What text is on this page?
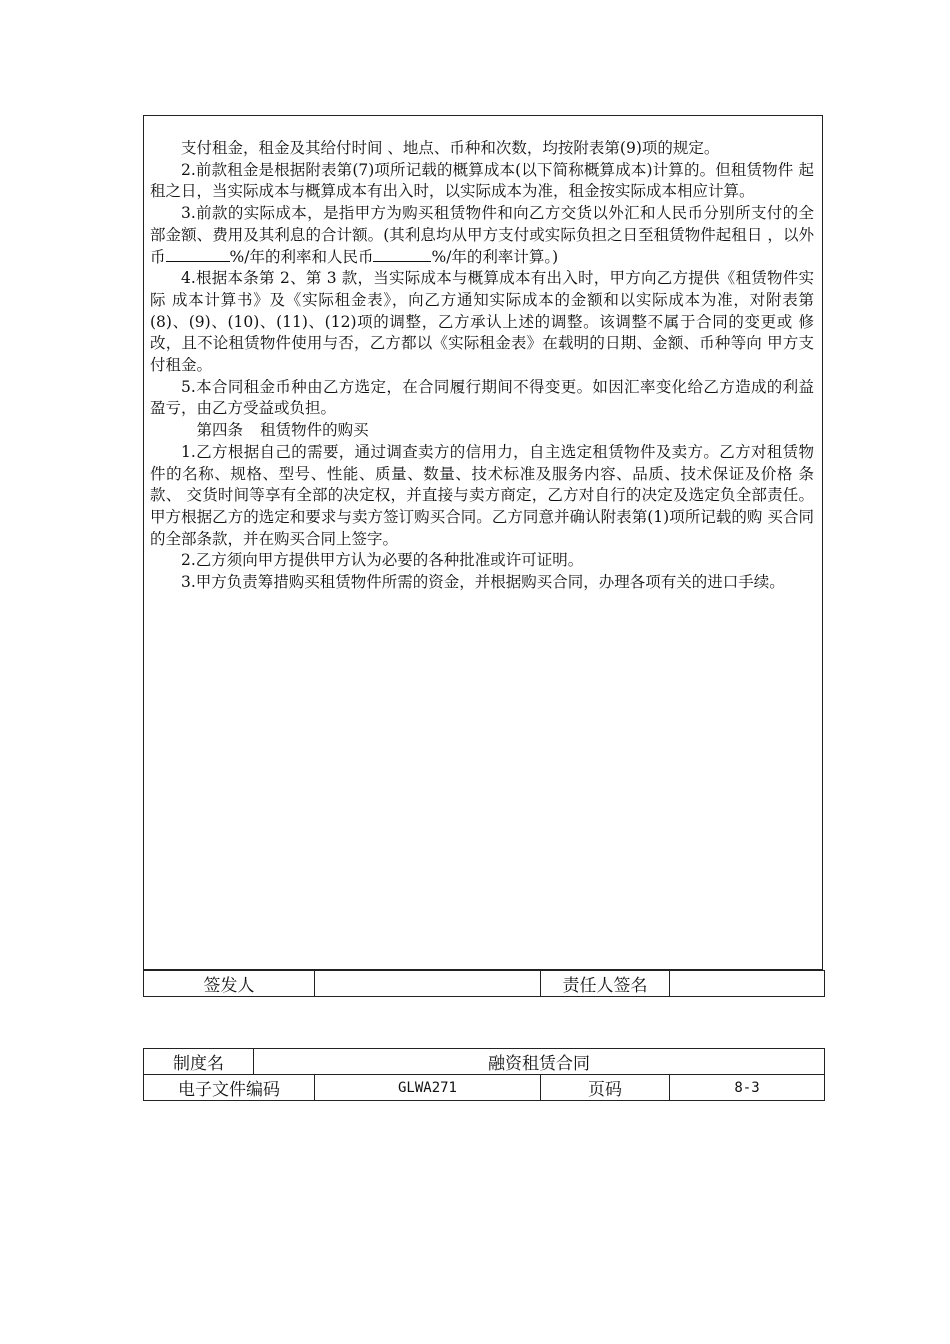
支付租金，租金及其给付时间 、地点、币种和次数，均按附表第(9)项的规定。

2.前款租金是根据附表第(7)项所记载的概算成本(以下简称概算成本)计算的。但租赁物件 起租之日，当实际成本与概算成本有出入时，以实际成本为准，租金按实际成本相应计算。

3.前款的实际成本，是指甲方为购买租赁物件和向乙方交货以外汇和人民币分别所支付的全 部金额、费用及其利息的合计额。(其利息均从甲方支付或实际负担之日至租赁物件起租日 ，以外币	%/年的利率和人民币	%/年的利率计算。)

4.根据本条第 2、第 3 款，当实际成本与概算成本有出入时，甲方向乙方提供《租赁物件实际 成本计算书》及《实际租金表》，向乙方通知实际成本的金额和以实际成本为准，对附表第 (8)、(9)、(10)、(11)、(12)项的调整，乙方承认上述的调整。该调整不属于合同的变更或 修改，且不论租赁物件使用与否，乙方都以《实际租金表》在载明的日期、金额、币种等向 甲方支付租金。

5.本合同租金币种由乙方选定，在合同履行期间不得变更。如因汇率变化给乙方造成的利益 盈亏，由乙方受益或负担。

第四条 租赁物件的购买

1.乙方根据自己的需要，通过调查卖方的信用力，自主选定租赁物件及卖方。乙方对租赁物 件的名称、规格、型号、性能、质量、数量、技术标准及服务内容、品质、技术保证及价格 条款、 交货时间等享有全部的决定权，并直接与卖方商定，乙方对自行的决定及选定负全部责任。 甲方根据乙方的选定和要求与卖方签订购买合同。乙方同意并确认附表第(1)项所记载的购 买合同的全部条款，并在购买合同上签字。

2.乙方须向甲方提供甲方认为必要的各种批准或许可证明。

3.甲方负责筹措购买租赁物件所需的资金，并根据购买合同，办理各项有关的进口手续。

签发人		责任人签名	
制度名	融资租赁合同			
电子文件编码		GLWA271	页码	8-3
